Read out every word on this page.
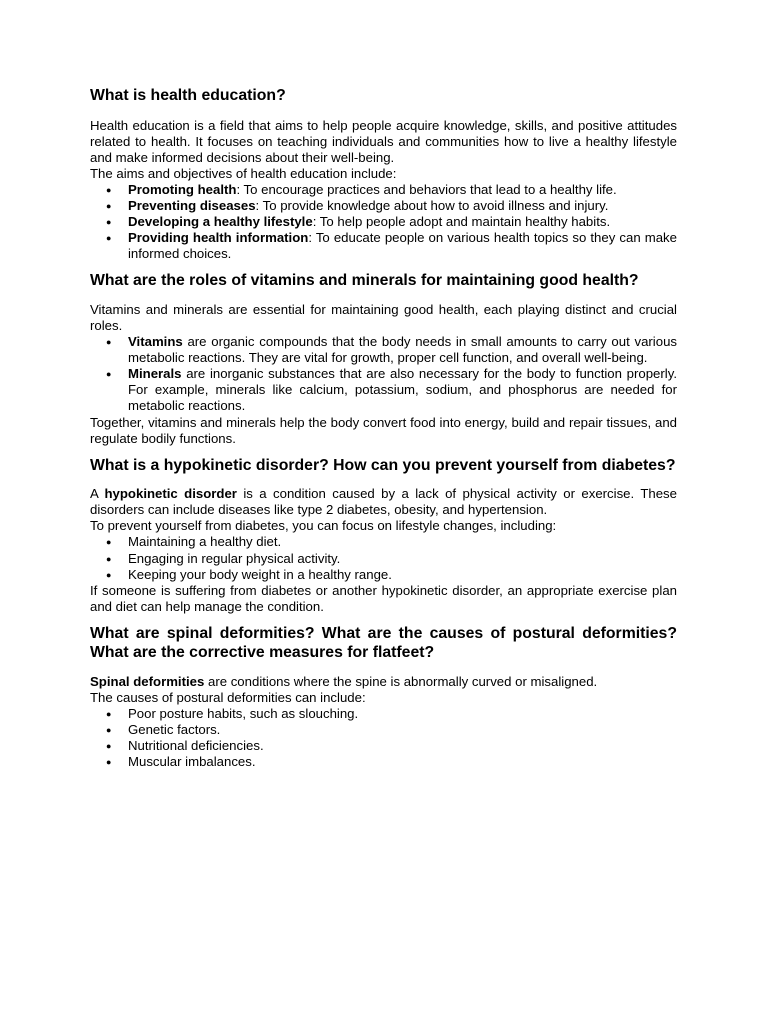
What is health education?

Health education is a field that aims to help people acquire knowledge, skills, and positive attitudes related to health. It focuses on teaching individuals and communities how to live a healthy lifestyle and make informed decisions about their well-being.

The aims and objectives of health education include:

● Promoting health: To encourage practices and behaviors that lead to a healthy life.
● Preventing diseases: To provide knowledge about how to avoid illness and injury.
● Developing a healthy lifestyle: To help people adopt and maintain healthy habits.
● Providing health information: To educate people on various health topics so they can make informed choices.
What are the roles of vitamins and minerals for maintaining good health?

Vitamins and minerals are essential for maintaining good health, each playing distinct and crucial roles.

● Vitamins are organic compounds that the body needs in small amounts to carry out various metabolic reactions. They are vital for growth, proper cell function, and overall well-being.
● Minerals are inorganic substances that are also necessary for the body to function properly. For example, minerals like calcium, potassium, sodium, and phosphorus are needed for metabolic reactions.

Together, vitamins and minerals help the body convert food into energy, build and repair tissues, and regulate bodily functions.

What is a hypokinetic disorder? How can you prevent yourself from diabetes?

A hypokinetic disorder is a condition caused by a lack of physical activity or exercise. These disorders can include diseases like type 2 diabetes, obesity, and hypertension.

To prevent yourself from diabetes, you can focus on lifestyle changes, including:

● Maintaining a healthy diet.
● Engaging in regular physical activity.
● Keeping your body weight in a healthy range.

If someone is suffering from diabetes or another hypokinetic disorder, an appropriate exercise plan and diet can help manage the condition.

What are spinal deformities? What are the causes of postural deformities? What are the corrective measures for flatfeet?

Spinal deformities are conditions where the spine is abnormally curved or misaligned.

The causes of postural deformities can include:

● Poor posture habits, such as slouching.
● Genetic factors.
● Nutritional deficiencies.
● Muscular imbalances.
